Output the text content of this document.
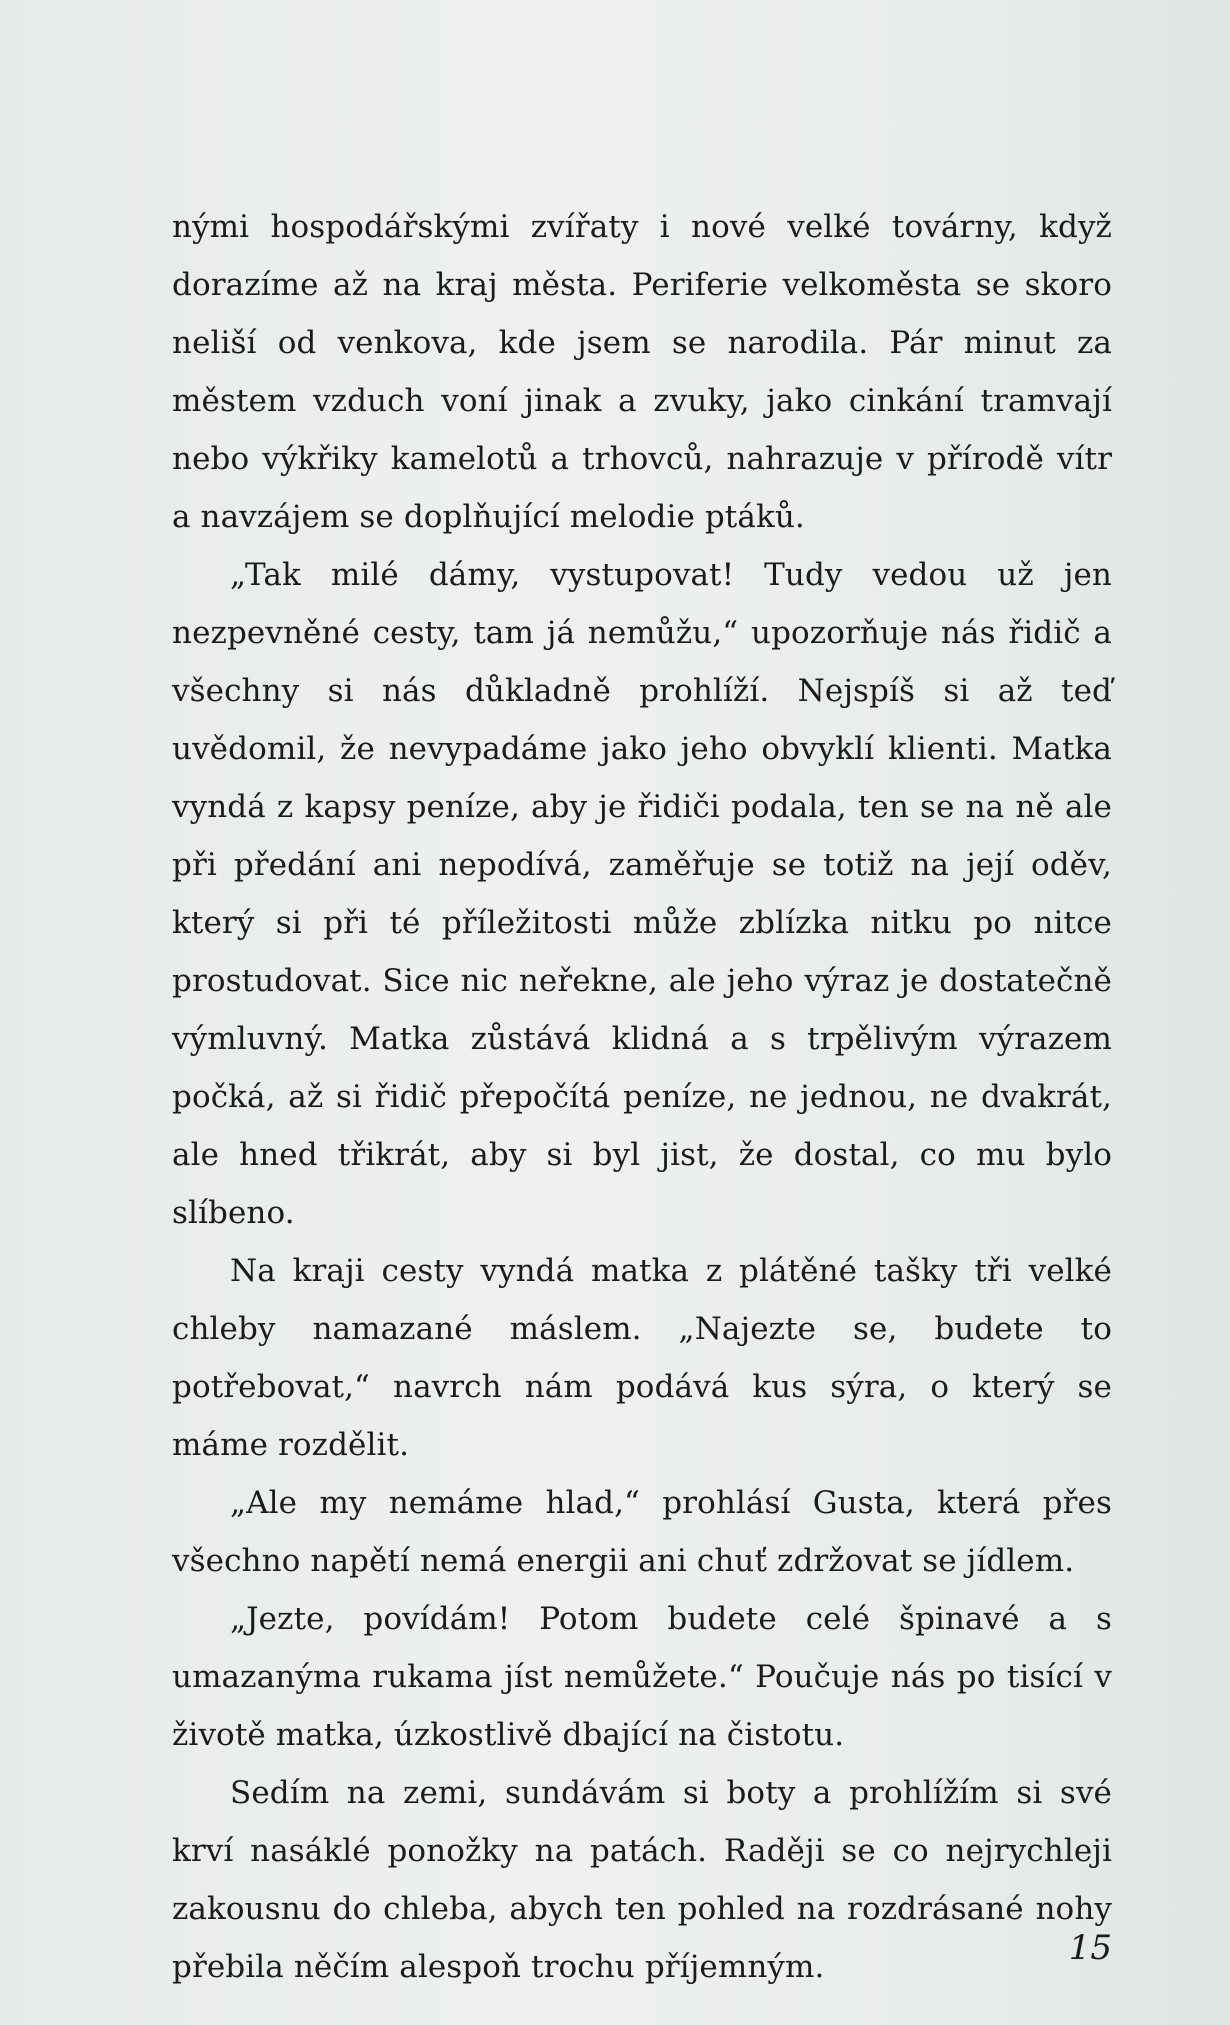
nými hospodářskými zvířaty i nové velké továrny, když dorazíme až na kraj města. Periferie velkoměsta se skoro neliší od venkova, kde jsem se narodila. Pár minut za městem vzduch voní jinak a zvuky, jako cinkání tramvají nebo výkřiky kamelotů a trhovců, nahrazuje v přírodě vítr a navzájem se doplňující melodie ptáků.

„Tak milé dámy, vystupovat! Tudy vedou už jen nezpevněné cesty, tam já nemůžu,“ upozorňuje nás řidič a všechny si nás důkladně prohlíží. Nejspíš si až teď uvědomil, že nevypadáme jako jeho obvyklí klienti. Matka vyndá z kapsy peníze, aby je řidiči podala, ten se na ně ale při předání ani nepodívá, zaměřuje se totiž na její oděv, který si při té příležitosti může zblízka nitku po nitce prostudovat. Sice nic neřekne, ale jeho výraz je dostatečně výmluvný. Matka zůstává klidná a s trpělivým výrazem počká, až si řidič přepočítá peníze, ne jednou, ne dvakrát, ale hned třikrát, aby si byl jist, že dostal, co mu bylo slíbeno.

Na kraji cesty vyndá matka z plátěné tašky tři velké chleby namazané máslem. „Najezte se, budete to potřebovat,“ navrch nám podává kus sýra, o který se máme rozdělit.

„Ale my nemáme hlad,“ prohlásí Gusta, která přes všechno napětí nemá energii ani chuť zdržovat se jídlem.

„Jezte, povídám! Potom budete celé špinavé a s umazanýma rukama jíst nemůžete.“ Poučuje nás po tisící v životě matka, úzkostlivě dbající na čistotu.

Sedím na zemi, sundávám si boty a prohlížím si své krví nasáklé ponožky na patách. Raději se co nejrychleji zakousnu do chleba, abych ten pohled na rozdrásané nohy přebila něčím alespoň trochu příjemným.	15
